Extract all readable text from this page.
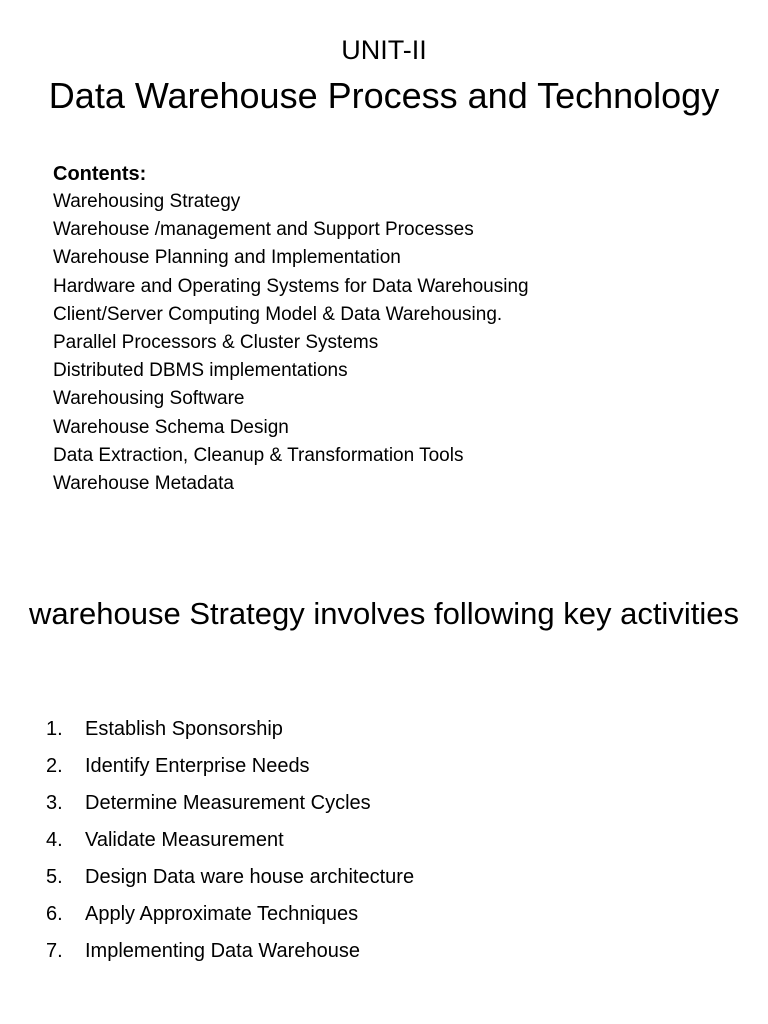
UNIT-II
Data Warehouse Process and Technology
Contents:
Warehousing Strategy
Warehouse /management and Support Processes
Warehouse Planning and Implementation
Hardware and Operating Systems for Data Warehousing
Client/Server Computing Model & Data Warehousing.
Parallel Processors & Cluster Systems
Distributed DBMS implementations
Warehousing Software
Warehouse Schema Design
Data Extraction, Cleanup & Transformation Tools
Warehouse Metadata
warehouse Strategy involves following key activities
1. Establish Sponsorship
2. Identify Enterprise Needs
3. Determine Measurement Cycles
4. Validate Measurement
5. Design Data ware house architecture
6. Apply Approximate Techniques
7. Implementing Data Warehouse
